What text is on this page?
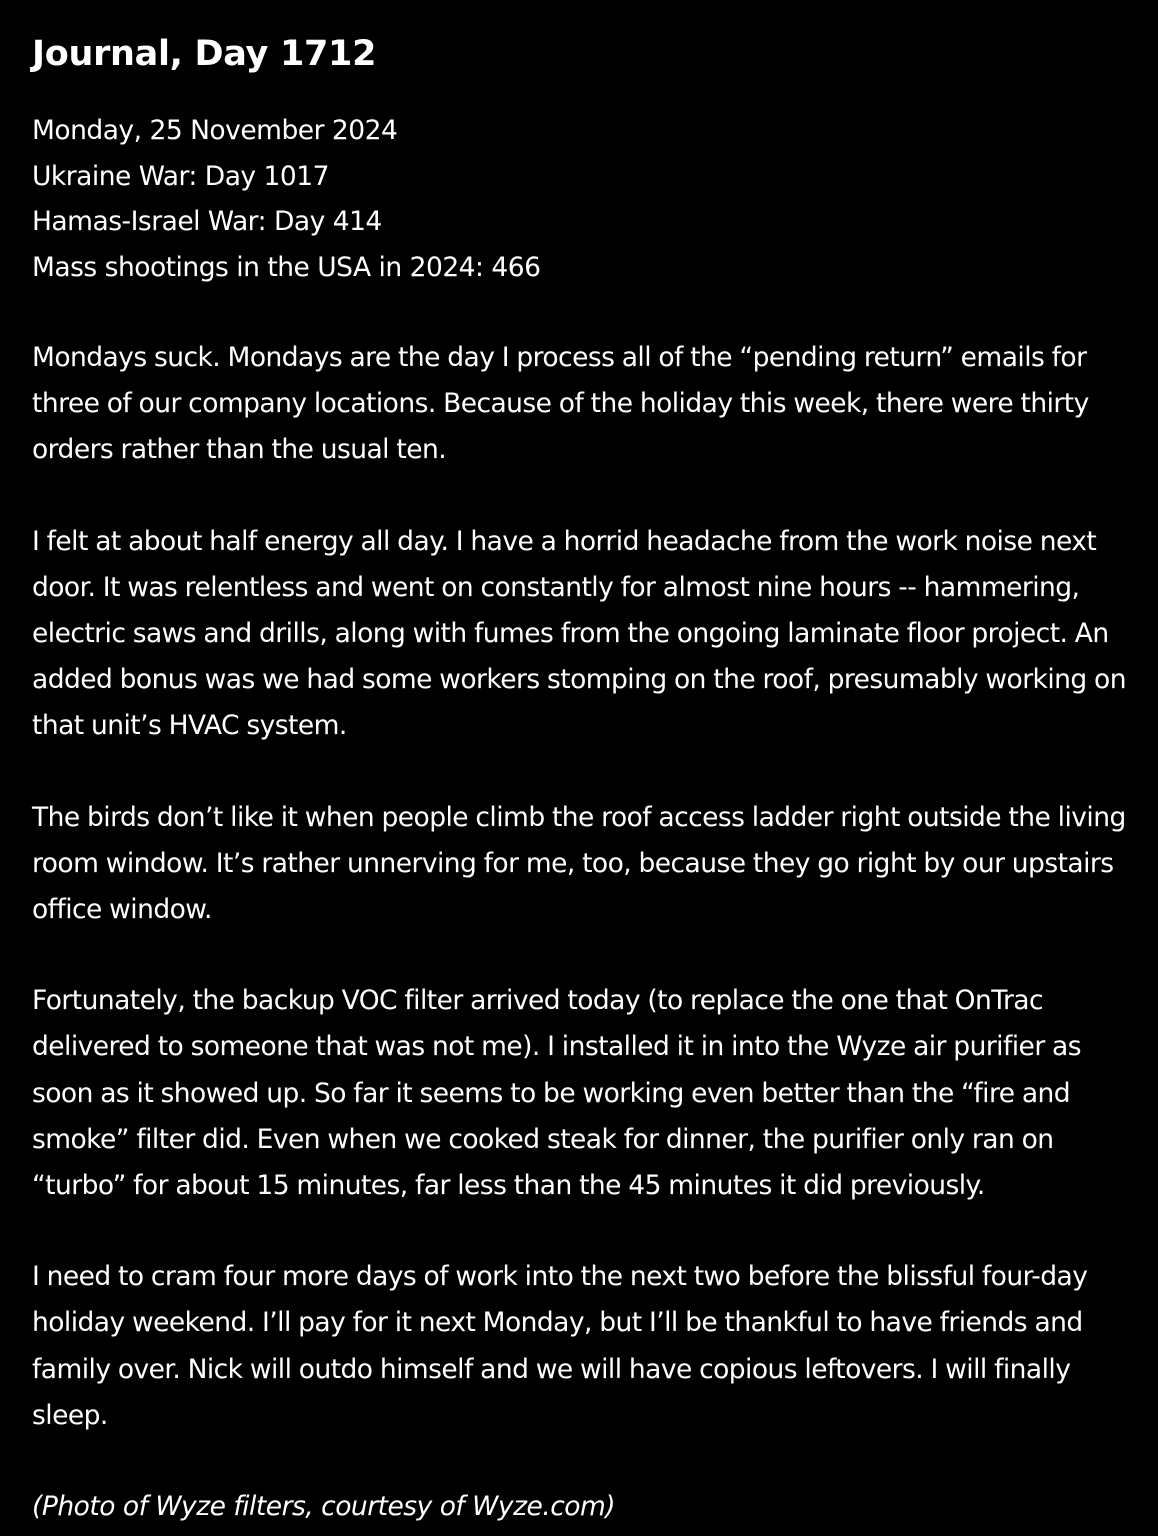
Journal, Day 1712
Monday, 25 November 2024
Ukraine War: Day 1017
Hamas-Israel War: Day 414
Mass shootings in the USA in 2024: 466

Mondays suck. Mondays are the day I process all of the “pending return” emails for three of our company locations. Because of the holiday this week, there were thirty orders rather than the usual ten.

I felt at about half energy all day. I have a horrid headache from the work noise next door. It was relentless and went on constantly for almost nine hours -- hammering, electric saws and drills, along with fumes from the ongoing laminate floor project. An added bonus was we had some workers stomping on the roof, presumably working on that unit’s HVAC system.

The birds don’t like it when people climb the roof access ladder right outside the living room window. It’s rather unnerving for me, too, because they go right by our upstairs office window.

Fortunately, the backup VOC filter arrived today (to replace the one that OnTrac delivered to someone that was not me). I installed it in into the Wyze air purifier as soon as it showed up. So far it seems to be working even better than the “fire and smoke” filter did. Even when we cooked steak for dinner, the purifier only ran on “turbo” for about 15 minutes, far less than the 45 minutes it did previously.

I need to cram four more days of work into the next two before the blissful four-day holiday weekend. I’ll pay for it next Monday, but I’ll be thankful to have friends and family over. Nick will outdo himself and we will have copious leftovers. I will finally sleep.

(Photo of Wyze filters, courtesy of Wyze.com)
